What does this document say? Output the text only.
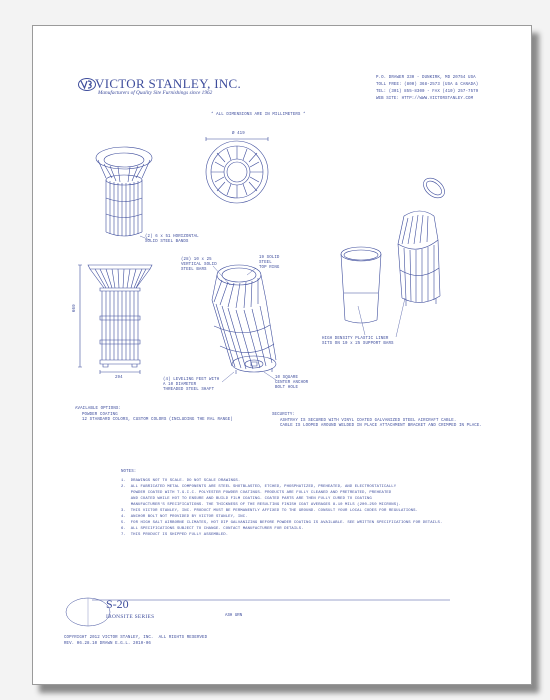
VICTOR STANLEY, INC.
Manufacturers of Quality Site Furnishings since 1962
P.O. DRAWER 330 - DUNKIRK, MD 20754 USA
TOLL FREE: (800) 368-2573 (USA & CANADA)
TEL: (301) 855-8300 - FAX (410) 257-7579
WEB SITE: HTTP://WWW.VICTORSTANLEY.COM
* ALL DIMENSIONS ARE IN MILLIMETERS *
Ø 419
660
294
(2) 6 x 51 HORIZONTAL
SOLID STEEL BANDS
(28) 10 x 25
VERTICAL SOLID
STEEL BARS
19 SOLID
STEEL
TOP RING
(4) LEVELING FEET WITH
A 10 DIAMETER
THREADED STEEL SHAFT
10 SQUARE
CENTER ANCHOR
BOLT HOLE
HIGH DENSITY PLASTIC LINER
SITS ON 10 x 25 SUPPORT BARS
AVAILABLE OPTIONS:
POWDER COATING
12 STANDARD COLORS, CUSTOM COLORS (INCLUDING THE RAL RANGE)
SECURITY:
ASHTRAY IS SECURED WITH VINYL COATED GALVANIZED STEEL AIRCRAFT CABLE.
CABLE IS LOOPED AROUND WELDED IN PLACE ATTACHMENT BRACKET AND CRIMPED IN PLACE.
NOTES:
1.  DRAWINGS NOT TO SCALE. DO NOT SCALE DRAWINGS.
2.  ALL FABRICATED METAL COMPONENTS ARE STEEL SHOTBLASTED, ETCHED, PHOSPHATIZED, PREHEATED, AND ELECTROSTATICALLY
POWDER COATED WITH T.G.I.C. POLYESTER POWDER COATINGS. PRODUCTS ARE FULLY CLEANED AND PRETREATED, PREHEATED
AND COATED WHILE HOT TO ENSURE AND BUILD FILM COATING. COATED PARTS ARE THEN FULLY CURED TO COATING
MANUFACTURER'S SPECIFICATIONS. THE THICKNESS OF THE RESULTING FINISH COAT AVERAGES 8-10 MILS (200-250 MICRONS).
3.  THIS VICTOR STANLEY, INC. PRODUCT MUST BE PERMANENTLY AFFIXED TO THE GROUND. CONSULT YOUR LOCAL CODES FOR REGULATIONS.
4.  ANCHOR BOLT NOT PROVIDED BY VICTOR STANLEY, INC.
5.  FOR HIGH SALT AIRBORNE CLIMATES, HOT DIP GALVANIZING BEFORE POWDER COATING IS AVAILABLE. SEE WRITTEN SPECIFICATIONS FOR DETAILS.
6.  ALL SPECIFICATIONS SUBJECT TO CHANGE. CONTACT MANUFACTURER FOR DETAILS.
7.  THIS PRODUCT IS SHIPPED FULLY ASSEMBLED.
S-20
IRONSITE SERIES	ASH URN
COPYRIGHT 2012 VICTOR STANLEY, INC.  ALL RIGHTS RESERVED
REV. 06.28.10 DRAWN E.G.L. 2010-06
